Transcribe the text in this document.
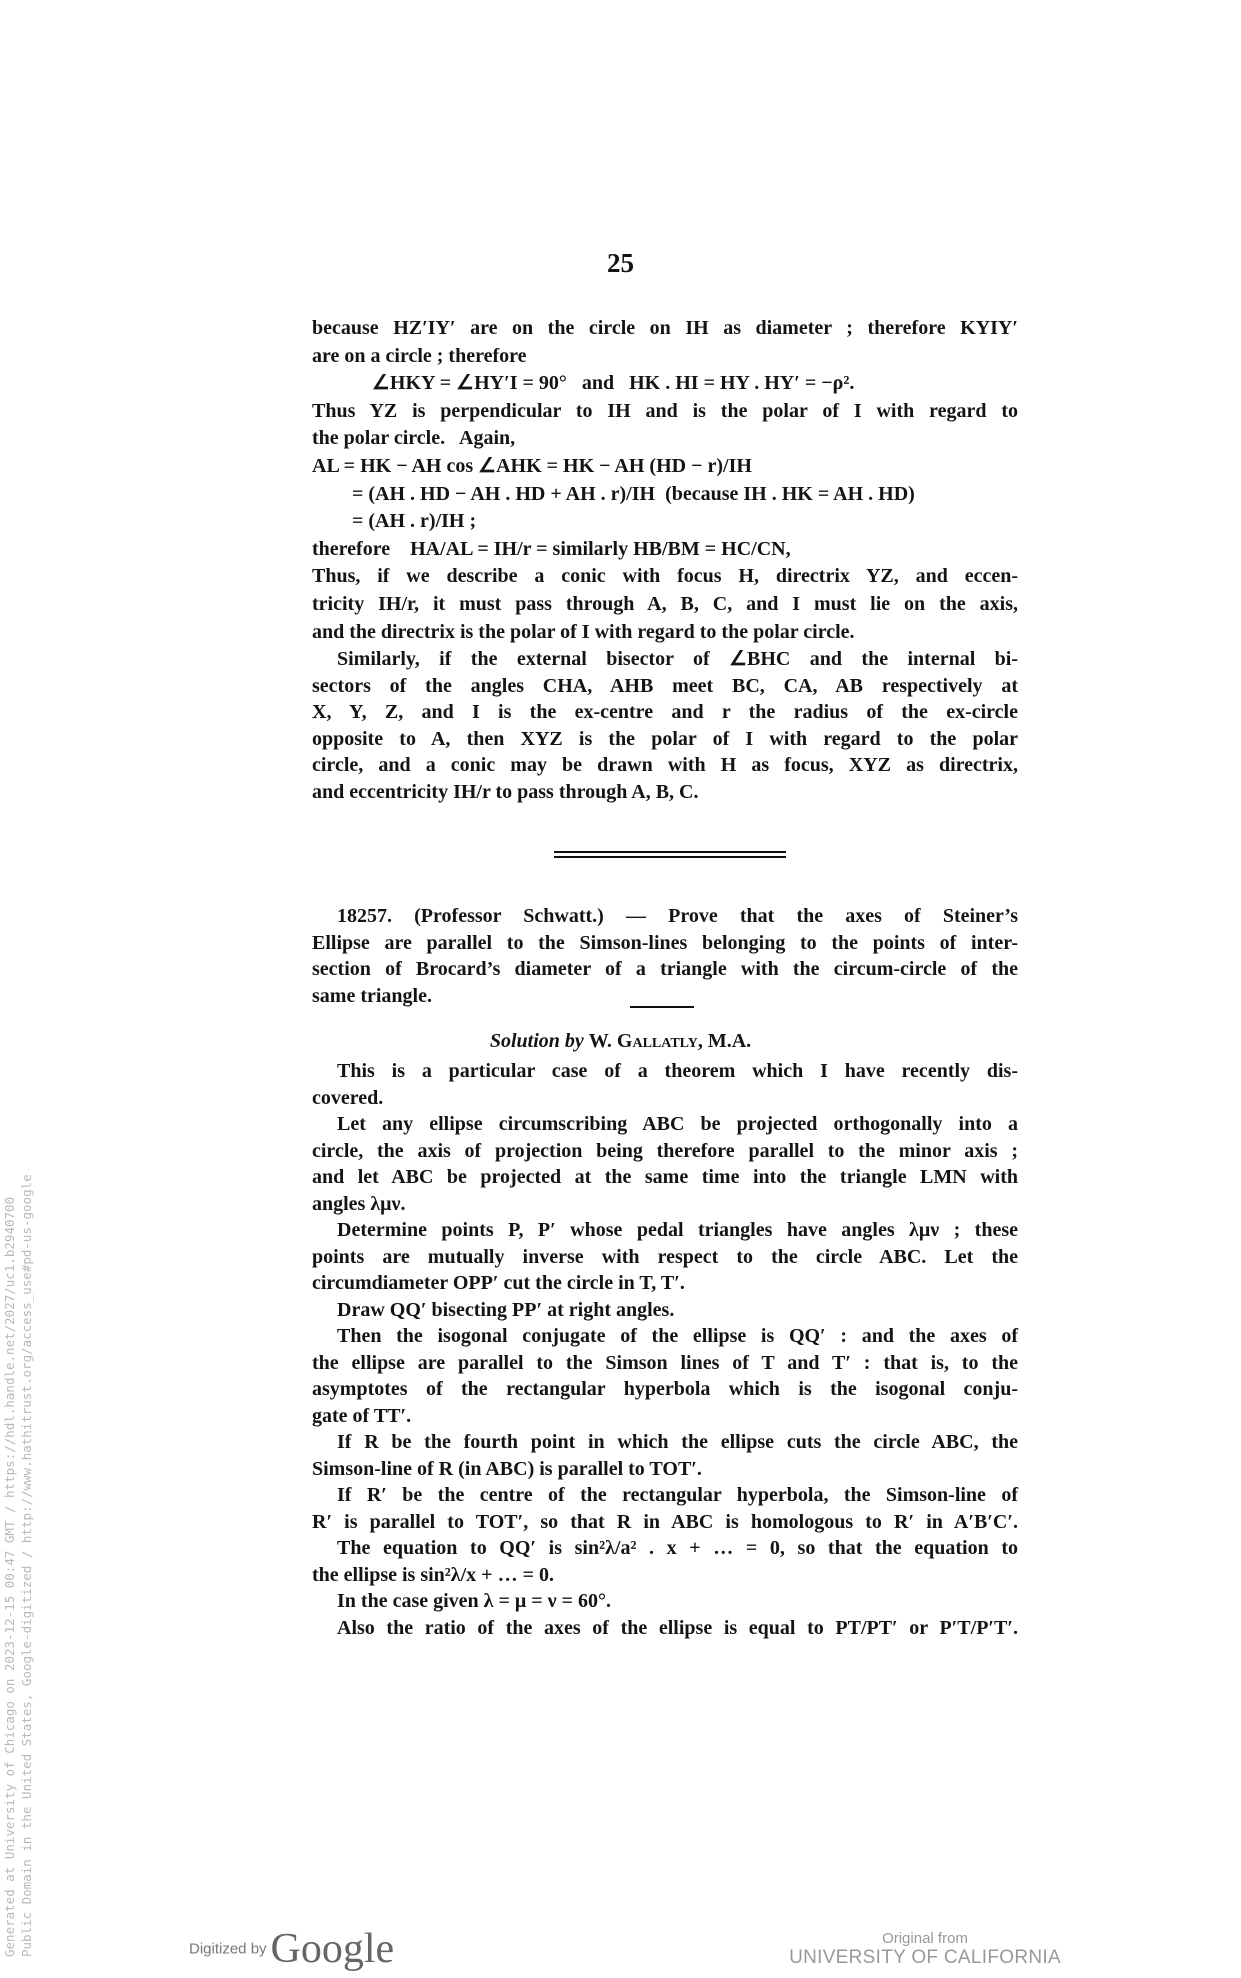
25
because HZ′IY′ are on the circle on IH as diameter ; therefore KYIY′
are on a circle ; therefore
∠HKY = ∠HY′I = 90°   and   HK . HI = HY . HY′ = −ρ².
Thus YZ is perpendicular to IH and is the polar of I with regard to
the polar circle.   Again,
AL = HK − AH cos ∠AHK = HK − AH (HD − r)/IH
= (AH . HD − AH . HD + AH . r)/IH  (because IH . HK = AH . HD)
= (AH . r)/IH ;
therefore    HA/AL = IH/r = similarly HB/BM = HC/CN,
Thus, if we describe a conic with focus H, directrix YZ, and eccen-
tricity IH/r, it must pass through A, B, C, and I must lie on the axis,
and the directrix is the polar of I with regard to the polar circle.
Similarly, if the external bisector of ∠BHC and the internal bi-
sectors of the angles CHA, AHB meet BC, CA, AB respectively at
X, Y, Z, and I is the ex-centre and r the radius of the ex-circle
opposite to A, then XYZ is the polar of I with regard to the polar
circle, and a conic may be drawn with H as focus, XYZ as directrix,
and eccentricity IH/r to pass through A, B, C.
18257. (Professor Schwatt.) — Prove that the axes of Steiner’s
Ellipse are parallel to the Simson-lines belonging to the points of inter-
section of Brocard’s diameter of a triangle with the circum-circle of the
same triangle.
Solution by W. Gallatly, M.A.
This is a particular case of a theorem which I have recently dis-
covered.
Let any ellipse circumscribing ABC be projected orthogonally into a
circle, the axis of projection being therefore parallel to the minor axis ;
and let ABC be projected at the same time into the triangle LMN with
angles λμν.
Determine points P, P′ whose pedal triangles have angles λμν ; these
points are mutually inverse with respect to the circle ABC. Let the
circumdiameter OPP′ cut the circle in T, T′.
Draw QQ′ bisecting PP′ at right angles.
Then the isogonal conjugate of the ellipse is QQ′ : and the axes of
the ellipse are parallel to the Simson lines of T and T′ : that is, to the
asymptotes of the rectangular hyperbola which is the isogonal conju-
gate of TT′.
If R be the fourth point in which the ellipse cuts the circle ABC, the
Simson-line of R (in ABC) is parallel to TOT′.
If R′ be the centre of the rectangular hyperbola, the Simson-line of
R′ is parallel to TOT′, so that R in ABC is homologous to R′ in A′B′C′.
The equation to QQ′ is sin²λ/a² . x + … = 0, so that the equation to
the ellipse is sin²λ/x + … = 0.
In the case given λ = μ = ν = 60°.
Also the ratio of the axes of the ellipse is equal to PT/PT′ or P′T/P′T′.
Generated at University of Chicago on 2023-12-15 00:47 GMT / https://hdl.handle.net/2027/uc1.b2940700 Public Domain in the United States, Google-digitized / http://www.hathitrust.org/access_use#pd-us-google	Digitized byGoogle	Original from
UNIVERSITY OF CALIFORNIA
